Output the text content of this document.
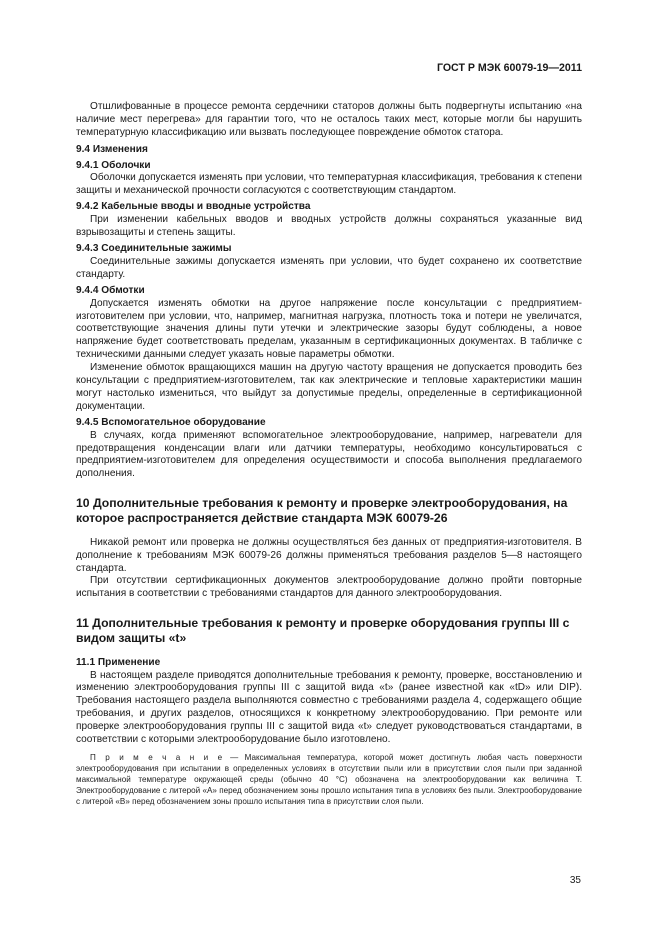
ГОСТ Р МЭК 60079-19—2011

Отшлифованные в процессе ремонта сердечники статоров должны быть подвергнуты испытанию «на наличие мест перегрева» для гарантии того, что не осталось таких мест, которые могли бы нарушить температурную классификацию или вызвать последующее повреждение обмоток статора.

9.4 Изменения

9.4.1 Оболочки

Оболочки допускается изменять при условии, что температурная классификация, требования к степени защиты и механической прочности согласуются с соответствующим стандартом.

9.4.2 Кабельные вводы и вводные устройства

При изменении кабельных вводов и вводных устройств должны сохраняться указанные вид взрывозащиты и степень защиты.

9.4.3 Соединительные зажимы

Соединительные зажимы допускается изменять при условии, что будет сохранено их соответствие стандарту.

9.4.4 Обмотки

Допускается изменять обмотки на другое напряжение после консультации с предприятием-изготовителем при условии, что, например, магнитная нагрузка, плотность тока и потери не увеличатся, соответствующие значения длины пути утечки и электрические зазоры будут соблюдены, а новое напряжение будет соответствовать пределам, указанным в сертификационных документах. В табличке с техническими данными следует указать новые параметры обмотки.

Изменение обмоток вращающихся машин на другую частоту вращения не допускается проводить без консультации с предприятием-изготовителем, так как электрические и тепловые характеристики машин могут настолько измениться, что выйдут за допустимые пределы, определенные в сертификационной документации.

9.4.5 Вспомогательное оборудование

В случаях, когда применяют вспомогательное электрооборудование, например, нагреватели для предотвращения конденсации влаги или датчики температуры, необходимо консультироваться с предприятием-изготовителем для определения осуществимости и способа выполнения предлагаемого дополнения.

10 Дополнительные требования к ремонту и проверке электрооборудования, на которое распространяется действие стандарта МЭК 60079-26

Никакой ремонт или проверка не должны осуществляться без данных от предприятия-изготовителя. В дополнение к требованиям МЭК 60079-26 должны применяться требования разделов 5—8 настоящего стандарта.

При отсутствии сертификационных документов электрооборудование должно пройти повторные испытания в соответствии с требованиями стандартов для данного электрооборудования.

11 Дополнительные требования к ремонту и проверке оборудования группы III с видом защиты «t»

11.1 Применение

В настоящем разделе приводятся дополнительные требования к ремонту, проверке, восстановлению и изменению электрооборудования группы III с защитой вида «t» (ранее известной как «tD» или DIP). Требования настоящего раздела выполняются совместно с требованиями раздела 4, содержащего общие требования, и других разделов, относящихся к конкретному электрооборудованию. При ремонте или проверке электрооборудования группы III с защитой вида «t» следует руководствоваться стандартами, в соответствии с которыми электрооборудование было изготовлено.

П р и м е ч а н и е — Максимальная температура, которой может достигнуть любая часть поверхности электрооборудования при испытании в определенных условиях в отсутствии пыли или в присутствии слоя пыли при заданной максимальной температуре окружающей среды (обычно 40 °С) обозначена на электрооборудовании как величина Т. Электрооборудование с литерой «А» перед обозначением зоны прошло испытания типа в условиях без пыли. Электрооборудование с литерой «В» перед обозначением зоны прошло испытания типа в присутствии слоя пыли.

35
